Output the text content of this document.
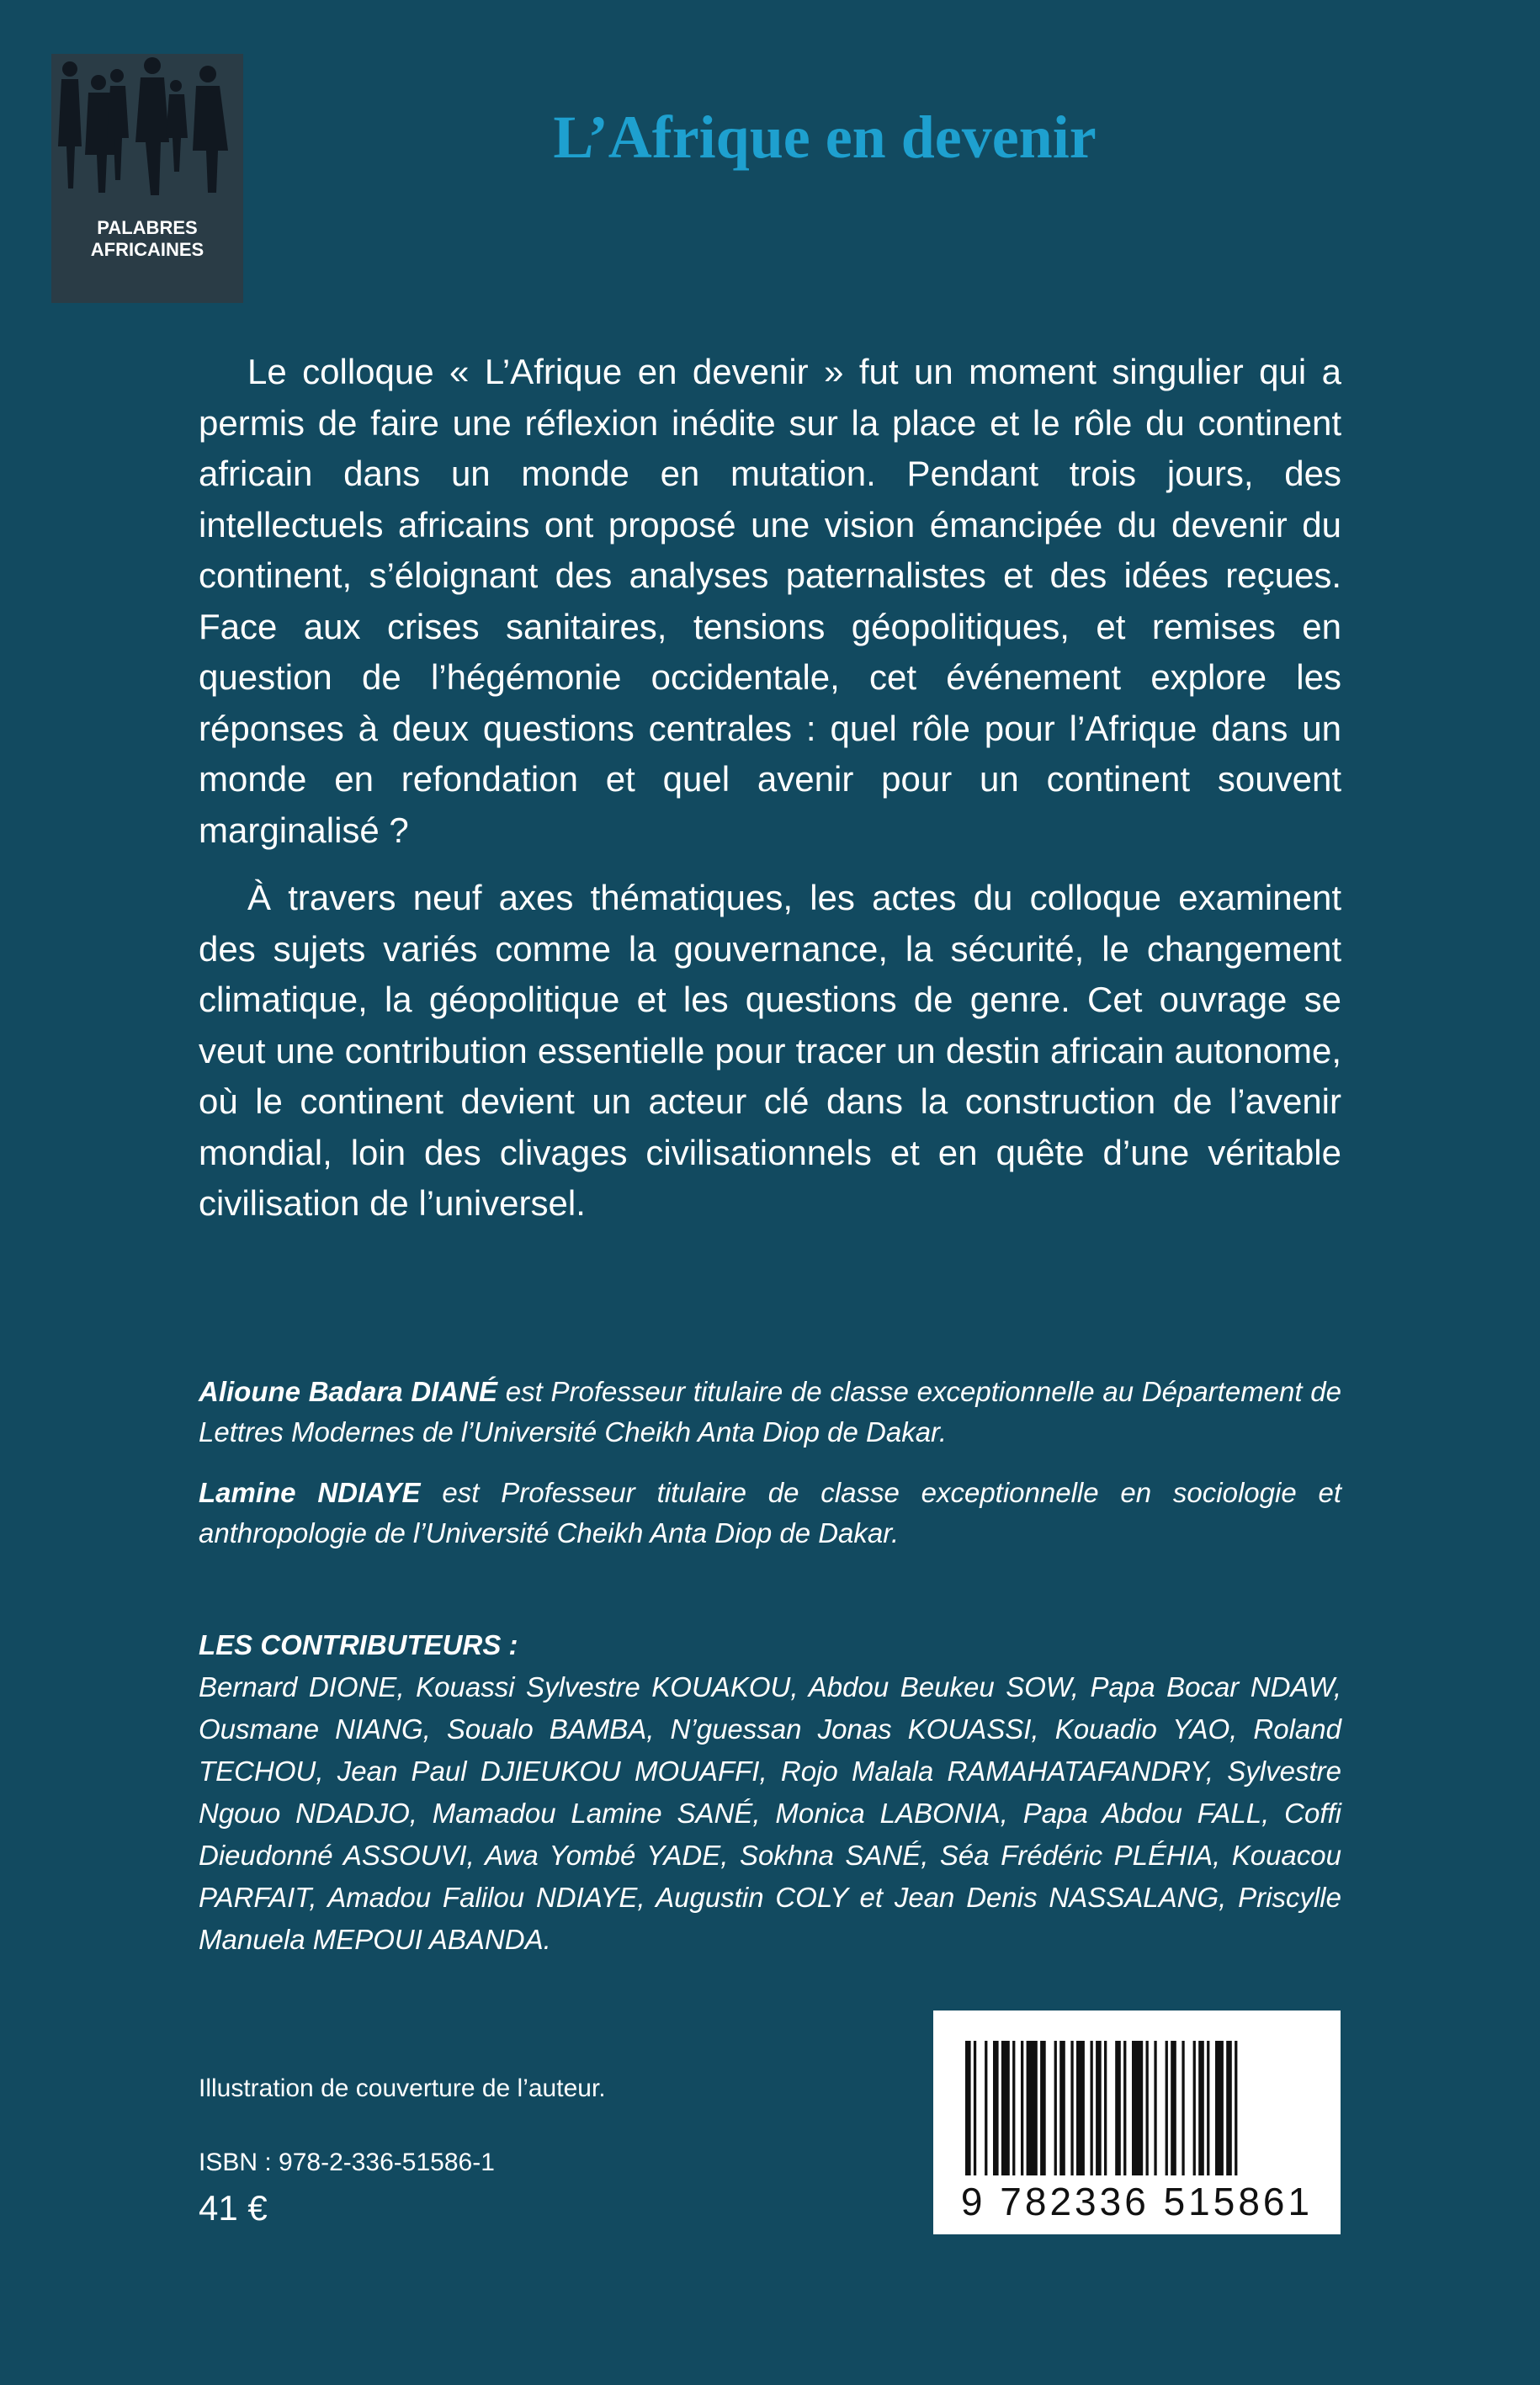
PALABRES AFRICAINES
L’Afrique en devenir

Le colloque « L’Afrique en devenir » fut un moment singulier qui a permis de faire une réflexion inédite sur la place et le rôle du continent africain dans un monde en mutation. Pendant trois jours, des intellectuels africains ont proposé une vision émancipée du devenir du continent, s’éloignant des analyses paternalistes et des idées reçues. Face aux crises sanitaires, tensions géopolitiques, et remises en question de l’hégémonie occidentale, cet événement explore les réponses à deux questions centrales : quel rôle pour l’Afrique dans un monde en refondation et quel avenir pour un continent souvent marginalisé ?

À travers neuf axes thématiques, les actes du colloque examinent des sujets variés comme la gouvernance, la sécurité, le changement climatique, la géopolitique et les questions de genre. Cet ouvrage se veut une contribution essentielle pour tracer un destin africain autonome, où le continent devient un acteur clé dans la construction de l’avenir mondial, loin des clivages civilisationnels et en quête d’une véritable civilisation de l’universel.

Alioune Badara DIANÉ est Professeur titulaire de classe exceptionnelle au Département de Lettres Modernes de l’Université Cheikh Anta Diop de Dakar.

Lamine NDIAYE est Professeur titulaire de classe exceptionnelle en sociologie et anthropologie de l’Université Cheikh Anta Diop de Dakar.

LES CONTRIBUTEURS :
Bernard DIONE, Kouassi Sylvestre KOUAKOU, Abdou Beukeu SOW, Papa Bocar NDAW, Ousmane NIANG, Soualo BAMBA, N’guessan Jonas KOUASSI, Kouadio YAO, Roland TECHOU, Jean Paul DJIEUKOU MOUAFFI, Rojo Malala RAMAHATAFANDRY, Sylvestre Ngouo NDADJO, Mamadou Lamine SANÉ, Monica LABONIA, Papa Abdou FALL, Coffi Dieudonné ASSOUVI, Awa Yombé YADE, Sokhna SANÉ, Séa Frédéric PLÉHIA, Kouacou PARFAIT, Amadou Falilou NDIAYE, Augustin COLY et Jean Denis NASSALANG, Priscylle Manuela MEPOUI ABANDA.
Illustration de couverture de l’auteur.
ISBN : 978-2-336-51586-1
41 €	9 782336 515861
